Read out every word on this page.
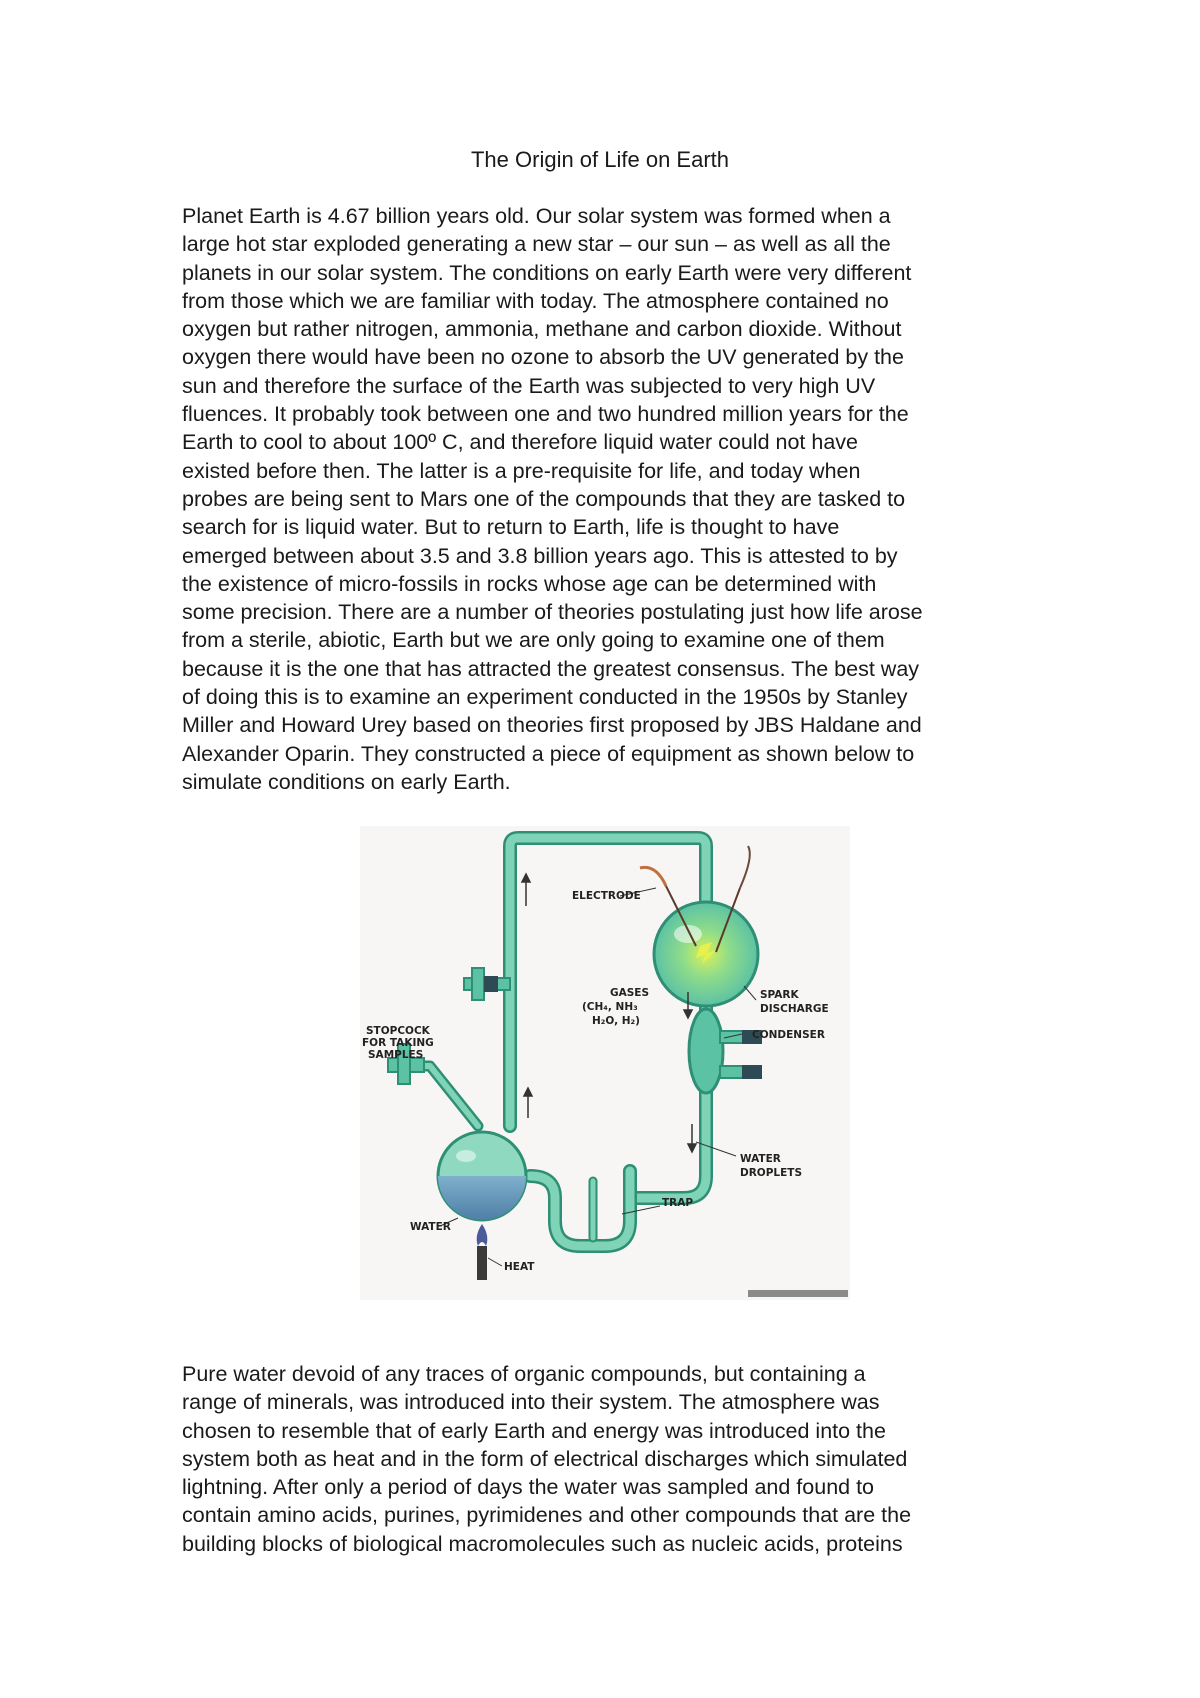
The Origin of Life on Earth

Planet Earth is 4.67 billion years old. Our solar system was formed when a
large hot star exploded generating a new star – our sun – as well as all the
planets in our solar system. The conditions on early Earth were very different
from those which we are familiar with today. The atmosphere contained no
oxygen but rather nitrogen, ammonia, methane and carbon dioxide. Without
oxygen there would have been no ozone to absorb the UV generated by the
sun and therefore the surface of the Earth was subjected to very high UV
fluences. It probably took between one and two hundred million years for the
Earth to cool to about 100º C, and therefore liquid water could not have
existed before then. The latter is a pre-requisite for life, and today when
probes are being sent to Mars one of the compounds that they are tasked to
search for is liquid water. But to return to Earth, life is thought to have
emerged between about 3.5 and 3.8 billion years ago. This is attested to by
the existence of micro-fossils in rocks whose age can be determined with
some precision. There are a number of theories postulating just how life arose
from a sterile, abiotic, Earth but we are only going to examine one of them
because it is the one that has attracted the greatest consensus. The best way
of doing this is to examine an experiment conducted in the 1950s by Stanley
Miller and Howard Urey based on theories first proposed by JBS Haldane and
Alexander Oparin. They constructed a piece of equipment as shown below to
simulate conditions on early Earth.

ELECTRODE
GASES
(CH₄, NH₃
H₂O, H₂)
SPARK
DISCHARGE
CONDENSER
STOPCOCK
FOR TAKING
SAMPLES
WATER
DROPLETS
TRAP
WATER
HEAT

Pure water devoid of any traces of organic compounds, but containing a
range of minerals, was introduced into their system. The atmosphere was
chosen to resemble that of early Earth and energy was introduced into the
system both as heat and in the form of electrical discharges which simulated
lightning. After only a period of days the water was sampled and found to
contain amino acids, purines, pyrimidenes and other compounds that are the
building blocks of biological macromolecules such as nucleic acids, proteins
